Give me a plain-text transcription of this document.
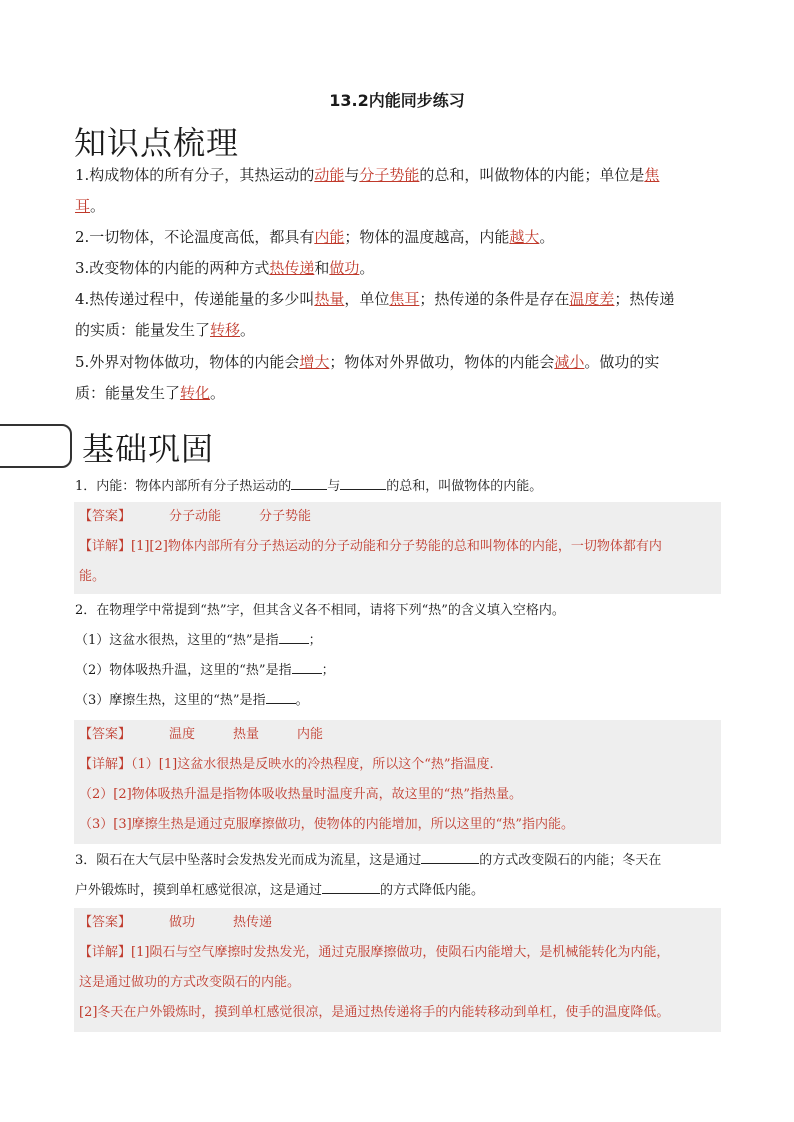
13.2内能同步练习
知识点梳理
1.构成物体的所有分子，其热运动的动能与分子势能的总和，叫做物体的内能；单位是焦
耳。
2.一切物体，不论温度高低，都具有内能；物体的温度越高，内能越大。
3.改变物体的内能的两种方式热传递和做功。
4.热传递过程中，传递能量的多少叫热量，单位焦耳；热传递的条件是存在温度差；热传递
的实质：能量发生了转移。
5.外界对物体做功，物体的内能会增大；物体对外界做功，物体的内能会减小。做功的实
质：能量发生了转化。
基础巩固
1．内能：物体内部所有分子热运动的	与	的总和，叫做物体的内能。
【答案】	分子动能	分子势能
【详解】[1][2]物体内部所有分子热运动的分子动能和分子势能的总和叫物体的内能，一切物体都有内
能。
2．在物理学中常提到“热”字，但其含义各不相同，请将下列“热”的含义填入空格内。
（1）这盆水很热，这里的“热”是指 ；
（2）物体吸热升温，这里的“热”是指 ；
（3）摩擦生热，这里的“热”是指 。
【答案】	温度	热量	内能
【详解】（1）[1]这盆水很热是反映水的冷热程度，所以这个“热”指温度.
（2）[2]物体吸热升温是指物体吸收热量时温度升高，故这里的“热”指热量。
（3）[3]摩擦生热是通过克服摩擦做功，使物体的内能增加，所以这里的“热”指内能。
3．陨石在大气层中坠落时会发热发光而成为流星，这是通过	的方式改变陨石的内能；冬天在
户外锻炼时，摸到单杠感觉很凉，这是通过	的方式降低内能。
【答案】	做功	热传递
【详解】[1]陨石与空气摩擦时发热发光，通过克服摩擦做功，使陨石内能增大，是机械能转化为内能，
这是通过做功的方式改变陨石的内能。
[2]冬天在户外锻炼时，摸到单杠感觉很凉，是通过热传递将手的内能转移动到单杠，使手的温度降低。
